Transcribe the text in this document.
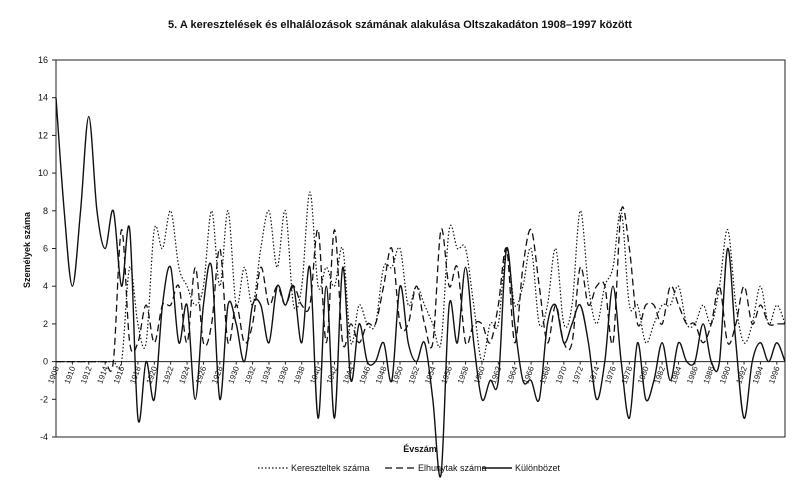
5. A keresztelések és elhalálozások számának alakulása Oltszakadáton 1908–1997 között
-4
-2
0
2
4
6
8
10
12
14
16
1908 1910 1912 1914 1916 1918 1920 1922 1924 1926 1928 1930 1932 1934 1936 1938 1940 1942 1944 1946 1948 1950 1952 1954 1956 1958 1960 1962 1964 1966 1968 1970 1972 1974 1976 1978 1980 1982 1984 1986 1988 1990 1992 1994 1996
Évszám
Személyek száma
Kereszteltek száma	Elhunytak száma	Különbözet
